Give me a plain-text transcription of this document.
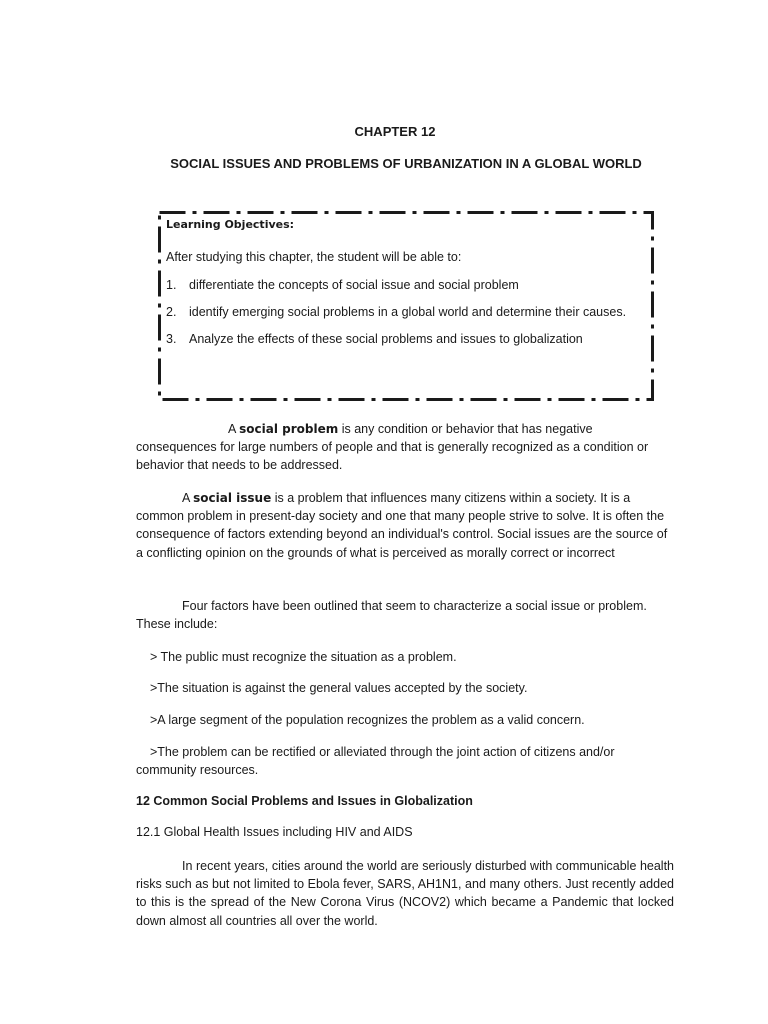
CHAPTER 12
SOCIAL ISSUES AND PROBLEMS OF URBANIZATION IN A GLOBAL WORLD
Learning Objectives:
After studying this chapter, the student will be able to:
1.	differentiate the concepts of social issue and social problem
2.	identify emerging social problems in a global world and determine their causes.
3.	Analyze the effects of these social problems and issues to globalization
A social problem is any condition or behavior that has negative consequences for large numbers of people and that is generally recognized as a condition or behavior that needs to be addressed.
A social issue is a problem that influences many citizens within a society. It is a common problem in present-day society and one that many people strive to solve. It is often the consequence of factors extending beyond an individual's control. Social issues are the source of a conflicting opinion on the grounds of what is perceived as morally correct or incorrect
Four factors have been outlined that seem to characterize a social issue or problem. These include:
> The public must recognize the situation as a problem.
>The situation is against the general values accepted by the society.
>A large segment of the population recognizes the problem as a valid concern.
>The problem can be rectified or alleviated through the joint action of citizens and/or community resources.
12 Common Social Problems and Issues in Globalization
12.1 Global Health Issues including HIV and AIDS
In recent years, cities around the world are seriously disturbed with communicable health risks such as but not limited to Ebola fever, SARS, AH1N1, and many others. Just recently added to this is the spread of the New Corona Virus (NCOV2) which became a Pandemic that locked down almost all countries all over the world.
